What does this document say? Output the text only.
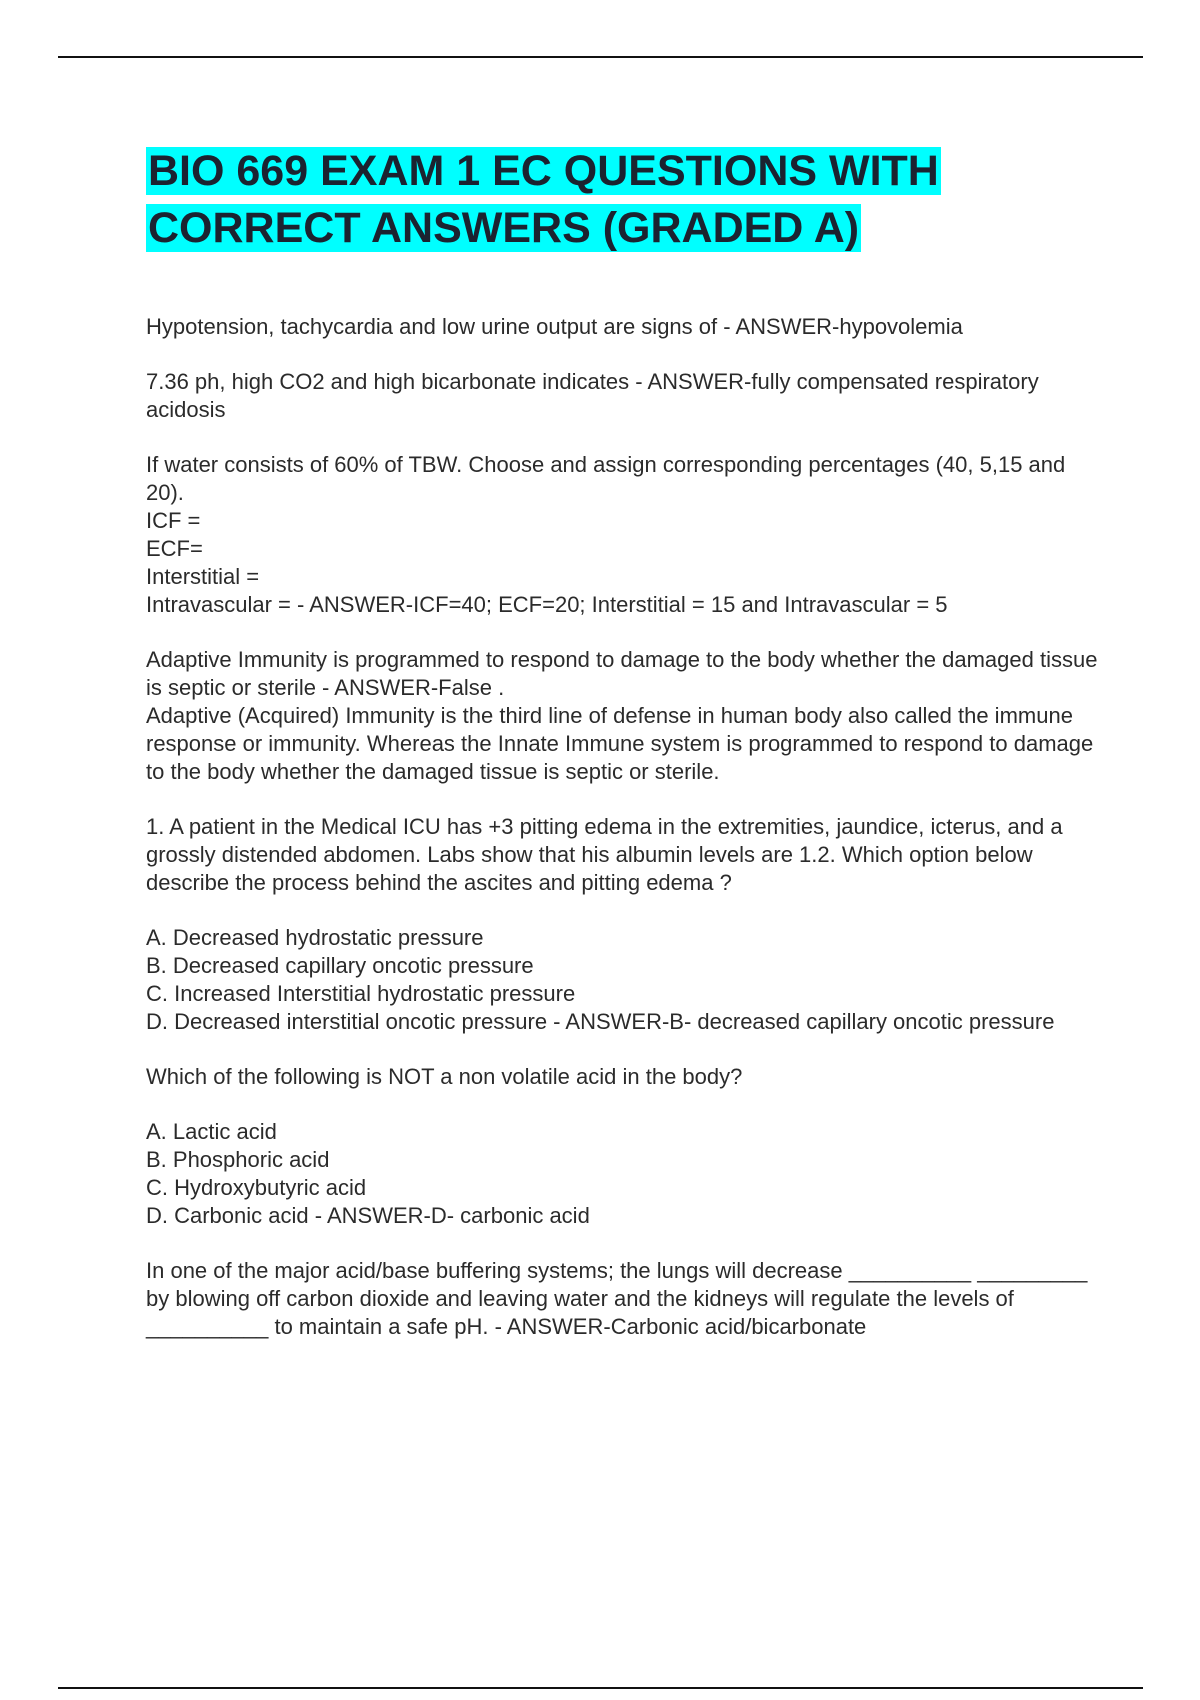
BIO 669 EXAM 1 EC QUESTIONS WITH CORRECT ANSWERS (GRADED A)
Hypotension, tachycardia and low urine output are signs of - ANSWER-hypovolemia
7.36 ph, high CO2 and high bicarbonate indicates - ANSWER-fully compensated respiratory acidosis
If water consists of 60% of TBW. Choose and assign corresponding percentages (40, 5,15 and 20).
ICF =
ECF=
Interstitial =
Intravascular = - ANSWER-ICF=40; ECF=20; Interstitial = 15 and Intravascular = 5
Adaptive Immunity is programmed to respond to damage to the body whether the damaged tissue is septic or sterile - ANSWER-False .
Adaptive (Acquired) Immunity is the third line of defense in human body also called the immune response or immunity. Whereas the Innate Immune system is programmed to respond to damage to the body whether the damaged tissue is septic or sterile.
1. A patient in the Medical ICU has +3 pitting edema in the extremities, jaundice, icterus, and a grossly distended abdomen. Labs show that his albumin levels are 1.2. Which option below describe the process behind the ascites and pitting edema ?
A. Decreased hydrostatic pressure
B. Decreased capillary oncotic pressure
C. Increased Interstitial hydrostatic pressure
D. Decreased interstitial oncotic pressure - ANSWER-B- decreased capillary oncotic pressure
Which of the following is NOT a non volatile acid in the body?
A. Lactic acid
B. Phosphoric acid
C. Hydroxybutyric acid
D. Carbonic acid - ANSWER-D- carbonic acid
In one of the major acid/base buffering systems; the lungs will decrease __________ _________ by blowing off carbon dioxide and leaving water and the kidneys will regulate the levels of __________ to maintain a safe pH. - ANSWER-Carbonic acid/bicarbonate
